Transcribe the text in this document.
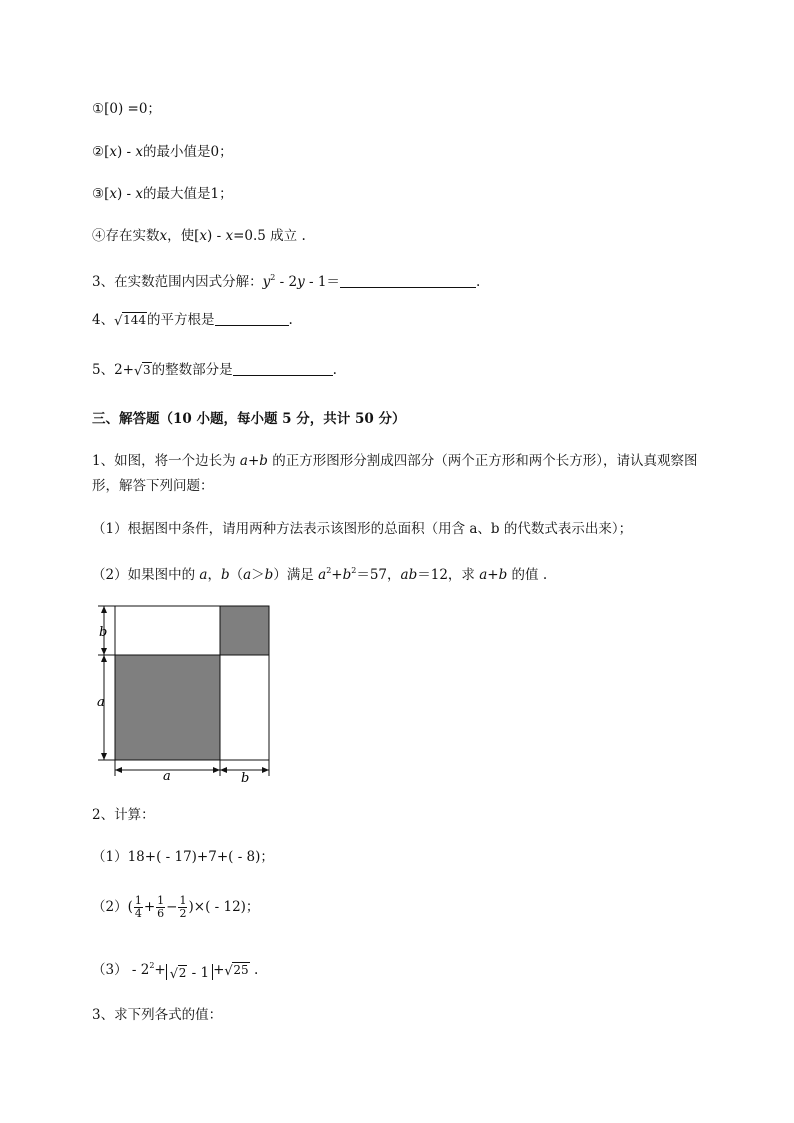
①[0) =0；
②[x) - x的最小值是0；
③[x) - x的最大值是1；
④存在实数x，使[x) - x=0.5 成立 .
3、在实数范围内因式分解：$y^2 - 2y - 1=$	.
4、 √ 144的平方根是	.
5、2+ √ 3的整数部分是	.
三、解答题（10 小题，每小题 5 分，共计 50 分）
1、如图，将一个边长为 a+b 的正方形图形分割成四部分（两个正方形和两个长方形），请认真观察图
形，解答下列问题：
（1）根据图中条件，请用两种方法表示该图形的总面积（用含 a、b 的代数式表示出来）；
（2）如果图中的 a，b（a＞b）满足 $a^2+b^2=57$，ab＝12，求 a+b 的值 .
b
a
a	b
2、计算：
（1）18+( - 17)+7+( - 8)；
$(2)( \frac{1}{4} + \frac{1}{6} - \frac{1}{2}$ )×( - 12)；
$(3) - 2^2+$ √ 2 - 1 + √ 25 .
3、求下列各式的值：
